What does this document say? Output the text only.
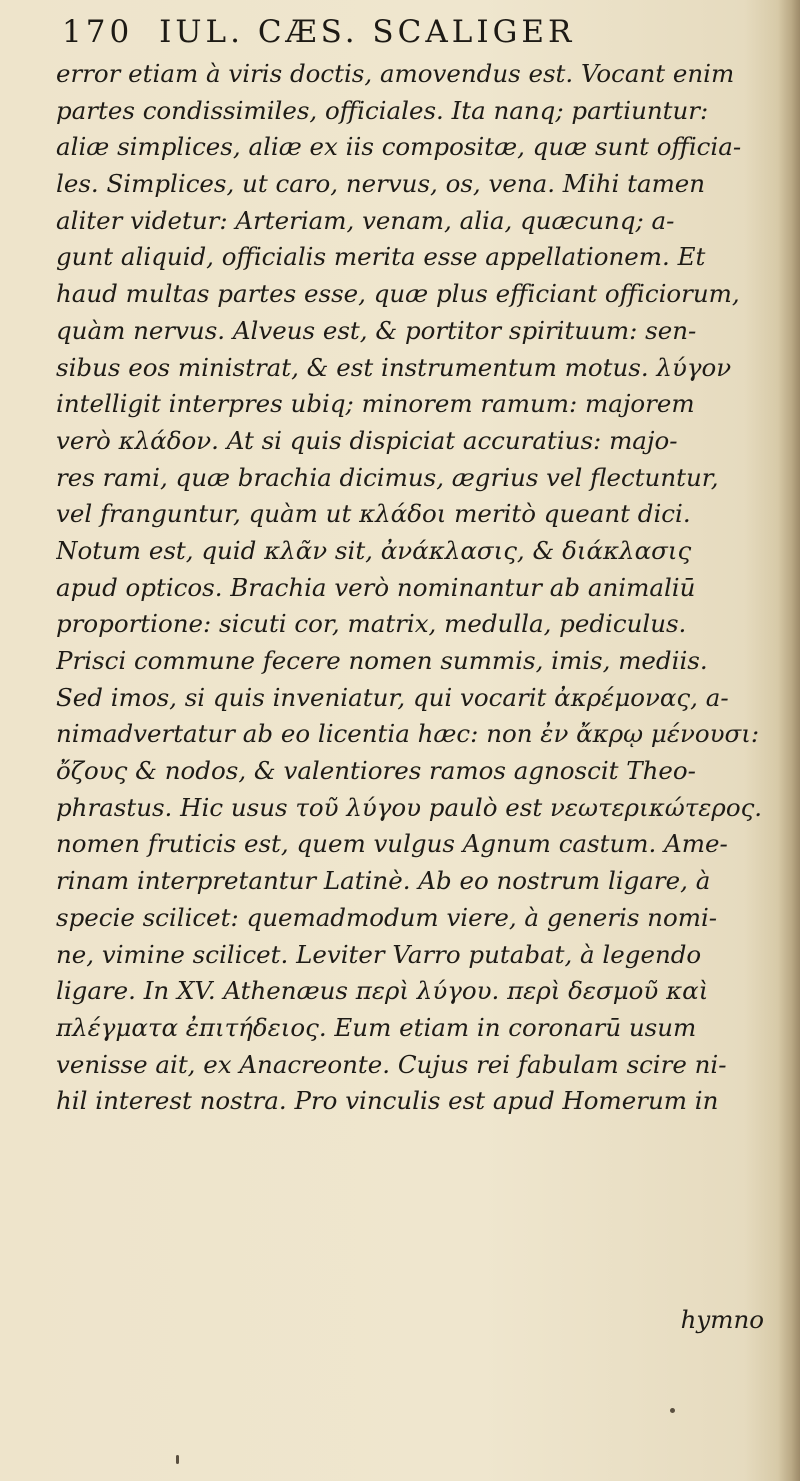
170 IUL. CÆS. SCALIGER
error etiam à viris doctis, amovendus est. Vocant enim
partes condissimiles, officiales. Ita nanq; partiuntur:
aliæ simplices, aliæ ex iis compositæ, quæ sunt officia-
les. Simplices, ut caro, nervus, os, vena. Mihi tamen
aliter videtur: Arteriam, venam, alia, quæcunq; a-
gunt aliquid, officialis merita esse appellationem. Et
haud multas partes esse, quæ plus efficiant officiorum,
quàm nervus. Alveus est, & portitor spirituum: sen-
sibus eos ministrat, & est instrumentum motus. λύγον
intelligit interpres ubiq; minorem ramum: majorem
verò κλάδον. At si quis dispiciat accuratius: majo-
res rami, quæ brachia dicimus, ægrius vel flectuntur,
vel franguntur, quàm ut κλάδοι meritò queant dici.
Notum est, quid κλᾶν sit, ἀνάκλασις, & διάκλασις
apud opticos. Brachia verò nominantur ab animaliū
proportione: sicuti cor, matrix, medulla, pediculus.
Prisci commune fecere nomen summis, imis, mediis.
Sed imos, si quis inveniatur, qui vocarit ἀκρέμονας, a-
nimadvertatur ab eo licentia hæc: non ἐν ἄκρῳ μένουσι:
ὄζους & nodos, & valentiores ramos agnoscit Theo-
phrastus. Hic usus τοῦ λύγου paulò est νεωτερικώτερος.
nomen fruticis est, quem vulgus Agnum castum. Ame-
rinam interpretantur Latinè. Ab eo nostrum ligare, à
specie scilicet: quemadmodum viere, à generis nomi-
ne, vimine scilicet. Leviter Varro putabat, à legendo
ligare. In XV. Athenæus περὶ λύγου. περὶ δεσμοῦ καὶ
πλέγματα ἐπιτήδειος. Eum etiam in coronarū usum
venisse ait, ex Anacreonte. Cujus rei fabulam scire ni-
hil interest nostra. Pro vinculis est apud Homerum in
hymno
